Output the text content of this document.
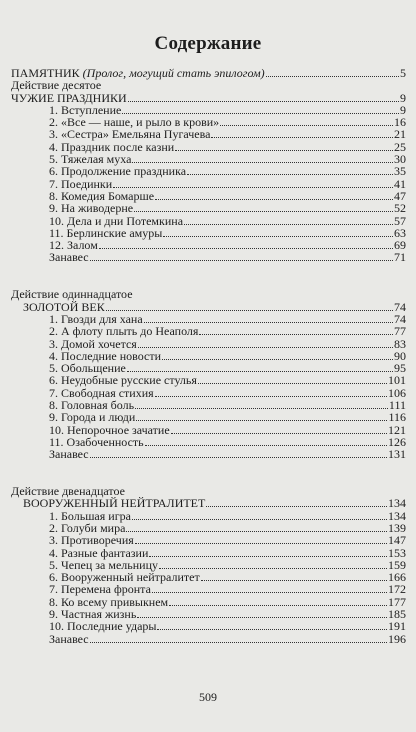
Содержание
ПАМЯТНИК (Пролог, могущий стать эпилогом)	5
Действие десятое
ЧУЖИЕ ПРАЗДНИКИ	9
1. Вступление	9
2. «Все — наше, и рыло в крови»	16
3. «Сестра» Емельяна Пугачева	21
4. Праздник после казни	25
5. Тяжелая муха	30
6. Продолжение праздника	35
7. Поединки	41
8. Комедия Бомарше	47
9. На живодерне	52
10. Дела и дни Потемкина	57
11. Берлинские амуры	63
12. Залом	69
Занавес	71
Действие одиннадцатое
ЗОЛОТОЙ ВЕК	74
1. Гвозди для хана	74
2. А флоту плыть до Неаполя	77
3. Домой хочется	83
4. Последние новости	90
5. Обольщение	95
6. Неудобные русские стулья	101
7. Свободная стихия	106
8. Головная боль	111
9. Города и люди	116
10. Непорочное зачатие	121
11. Озабоченность	126
Занавес	131
Действие двенадцатое
ВООРУЖЕННЫЙ НЕЙТРАЛИТЕТ	134
1. Большая игра	134
2. Голуби мира	139
3. Противоречия	147
4. Разные фантазии	153
5. Чепец за мельницу	159
6. Вооруженный нейтралитет	166
7. Перемена фронта	172
8. Ко всему привыкнем	177
9. Частная жизнь	185
10. Последние удары	191
Занавес	196
509
